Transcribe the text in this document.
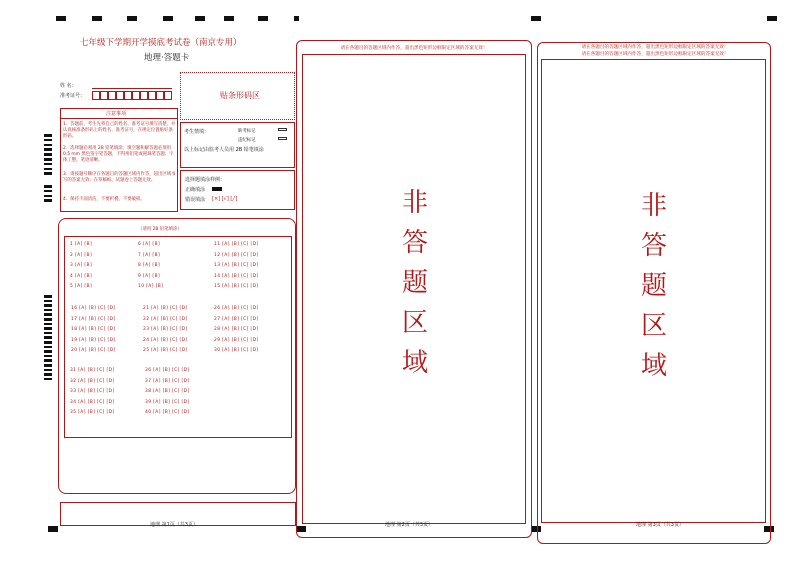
七年级下学期开学摸底考试卷（南京专用）
地理·答题卡
姓 名：
准考证号：	贴条形码区
注意事项
1．答题前，考生先将自己的姓名、准考证号填写清楚，并认真核准条形码上的姓名、准考证号，在规定位置贴好条形码。
2．选择题必须用 2B 铅笔填涂；填空题和解答题必须用 0.5 mm 黑色签字笔答题，不得用铅笔或圆珠笔答题；字体工整、笔迹清晰。
3．请按题号顺序在各题目的答题区域内作答，超出区域书写的答案无效；在草稿纸、试题卷上答题无效。
4．保持卡面清洁，不要折叠、不要破损。
考生禁填：	缺考标记
违纪标记
以上标记由监考人员用 2B 铅笔填涂
选择题填涂样例：
正确填涂
错误填涂 [×] [√] [╱]
（请用 2B 铅笔填涂）
1 [A] [B]
2 [A] [B]
3 [A] [B]
4 [A] [B]
5 [A] [B]
6 [A] [B]
7 [A] [B]
8 [A] [B]
9 [A] [B]
10 [A] [B]
11 [A] [B] [C] [D]
12 [A] [B] [C] [D]
13 [A] [B] [C] [D]
14 [A] [B] [C] [D]
15 [A] [B] [C] [D]
16 [A] [B] [C] [D]
17 [A] [B] [C] [D]
18 [A] [B] [C] [D]
19 [A] [B] [C] [D]
20 [A] [B] [C] [D]
21 [A] [B] [C] [D]
22 [A] [B] [C] [D]
23 [A] [B] [C] [D]
24 [A] [B] [C] [D]
25 [A] [B] [C] [D]
26 [A] [B] [C] [D]
27 [A] [B] [C] [D]
28 [A] [B] [C] [D]
29 [A] [B] [C] [D]
30 [A] [B] [C] [D]
31 [A] [B] [C] [D]
32 [A] [B] [C] [D]
33 [A] [B] [C] [D]
34 [A] [B] [C] [D]
35 [A] [B] [C] [D]
36 [A] [B] [C] [D]
37 [A] [B] [C] [D]
38 [A] [B] [C] [D]
39 [A] [B] [C] [D]
40 [A] [B] [C] [D]
地理 第1页（共3页）
请在各题目的答题区域内作答，超出黑色矩形边框限定区域的答案无效！
非
答
题
区
域
地理 第2页（共3页）
请在各题目的答题区域内作答，超出黑色矩形边框限定区域的答案无效！
请在各题目的答题区域内作答，超出黑色矩形边框限定区域的答案无效！
非
答
题
区
域
地理 第3页（共3页）
